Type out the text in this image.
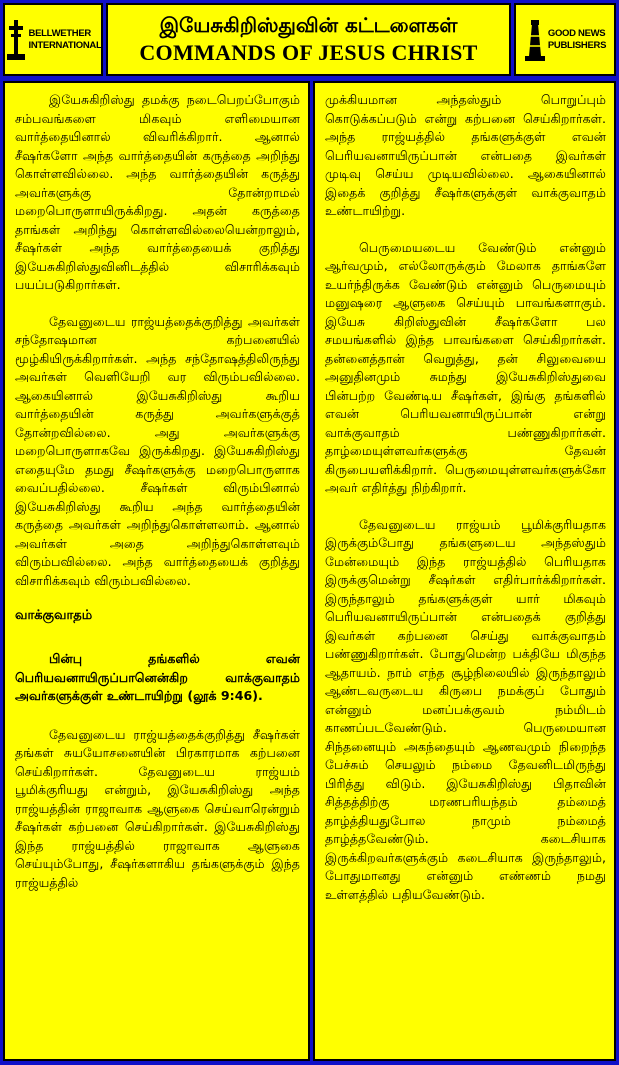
BELLWETHER
INTERNATIONAL
இயேசுகிறிஸ்துவின் கட்டளைகள்
COMMANDS OF JESUS CHRIST
GOOD NEWS
PUBLISHERS

இயேசுகிறிஸ்து தமக்கு நடைபெறப்போகும் சம்பவங்களை மிகவும் எளிமையான வார்த்தையினால் விவரிக்கிறார். ஆனால் சீஷர்களோ அந்த வார்த்தையின் கருத்தை அறிந்து கொள்ளவில்லை. அந்த வார்த்தையின் கருத்து அவர்களுக்கு தோன்றாமல் மறைபொருளாயிருக்கிறது. அதன் கருத்தை தாங்கள் அறிந்து கொள்ளவில்லையென்றாலும், சீஷர்கள் அந்த வார்த்தையைக் குறித்து இயேசுகிறிஸ்துவினிடத்தில் விசாரிக்கவும் பயப்படுகிறார்கள்.

தேவனுடைய ராஜ்யத்தைக்குறித்து அவர்கள் சந்தோஷமான கற்பனையில் மூழ்கியிருக்கிறார்கள். அந்த சந்தோஷத்திலிருந்து அவர்கள் வெளியேறி வர விரும்பவில்லை. ஆகையினால் இயேசுகிறிஸ்து கூறிய வார்த்தையின் கருத்து அவர்களுக்குத் தோன்றவில்லை. அது அவர்களுக்கு மறைபொருளாகவே இருக்கிறது. இயேசுகிறிஸ்து எதையுமே தமது சீஷர்களுக்கு மறைபொருளாக வைப்பதில்லை. சீஷர்கள் விரும்பினால் இயேசுகிறிஸ்து கூறிய அந்த வார்த்தையின் கருத்தை அவர்கள் அறிந்துகொள்ளலாம். ஆனால் அவர்கள் அதை அறிந்துகொள்ளவும் விரும்பவில்லை. அந்த வார்த்தையைக் குறித்து விசாரிக்கவும் விரும்பவில்லை.

வாக்குவாதம்

பின்பு தங்களில் எவன் பெரியவனாயிருப்பானென்கிற வாக்குவாதம் அவர்களுக்குள் உண்டாயிற்று (லூக் 9:46).

தேவனுடைய ராஜ்யத்தைக்குறித்து சீஷர்கள் தங்கள் சுயயோசனையின் பிரகாரமாக கற்பனை செய்கிறார்கள். தேவனுடைய ராஜ்யம் பூமிக்குரியது என்றும், இயேசுகிறிஸ்து அந்த ராஜ்யத்தின் ராஜாவாக ஆளுகை செய்வாரென்றும் சீஷர்கள் கற்பனை செய்கிறார்கள். இயேசுகிறிஸ்து இந்த ராஜ்யத்தில் ராஜாவாக ஆளுகை செய்யும்போது, சீஷர்களாகிய தங்களுக்கும் இந்த ராஜ்யத்தில்

முக்கியமான அந்தஸ்தும் பொறுப்பும் கொடுக்கப்படும் என்று கற்பனை செய்கிறார்கள். அந்த ராஜ்யத்தில் தங்களுக்குள் எவன் பெரியவனாயிருப்பான் என்பதை இவர்கள் முடிவு செய்ய முடியவில்லை. ஆகையினால் இதைக் குறித்து சீஷர்களுக்குள் வாக்குவாதம் உண்டாயிற்று.

பெருமையடைய வேண்டும் என்னும் ஆர்வமும், எல்லோருக்கும் மேலாக தாங்களே உயர்ந்திருக்க வேண்டும் என்னும் பெருமையும் மனுஷரை ஆளுகை செய்யும் பாவங்களாகும். இயேசு கிறிஸ்துவின் சீஷர்களோ பல சமயங்களில் இந்த பாவங்களை செய்கிறார்கள். தன்னைத்தான் வெறுத்து, தன் சிலுவையை அனுதினமும் சுமந்து இயேசுகிறிஸ்துவை பின்பற்ற வேண்டிய சீஷர்கள், இங்கு தங்களில் எவன் பெரியவனாயிருப்பான் என்று வாக்குவாதம் பண்ணுகிறார்கள். தாழ்மையுள்ளவர்களுக்கு தேவன் கிருபையளிக்கிறார். பெருமையுள்ளவர்களுக்கோ அவர் எதிர்த்து நிற்கிறார்.

தேவனுடைய ராஜ்யம் பூமிக்குரியதாக இருக்கும்போது தங்களுடைய அந்தஸ்தும் மேன்மையும் இந்த ராஜ்யத்தில் பெரியதாக இருக்குமென்று சீஷர்கள் எதிர்பார்க்கிறார்கள். இருந்தாலும் தங்களுக்குள் யார் மிகவும் பெரியவனாயிருப்பான் என்பதைக் குறித்து இவர்கள் கற்பனை செய்து வாக்குவாதம் பண்ணுகிறார்கள். போதுமென்ற பக்தியே மிகுந்த ஆதாயம். நாம் எந்த சூழ்நிலையில் இருந்தாலும் ஆண்டவருடைய கிருபை நமக்குப் போதும் என்னும் மனப்பக்குவம் நம்மிடம் காணப்படவேண்டும். பெருமையான சிந்தனையும் அகந்தையும் ஆணவமும் நிறைந்த பேச்சும் செயலும் நம்மை தேவனிடமிருந்து பிரித்து விடும். இயேசுகிறிஸ்து பிதாவின் சித்தத்திற்கு மரணபரியந்தம் தம்மைத் தாழ்த்தியதுபோல நாமும் நம்மைத் தாழ்த்தவேண்டும். கடைசியாக இருக்கிறவர்களுக்கும் கடைசியாக இருந்தாலும், போதுமானது என்னும் எண்ணம் நமது உள்ளத்தில் பதியவேண்டும்.
